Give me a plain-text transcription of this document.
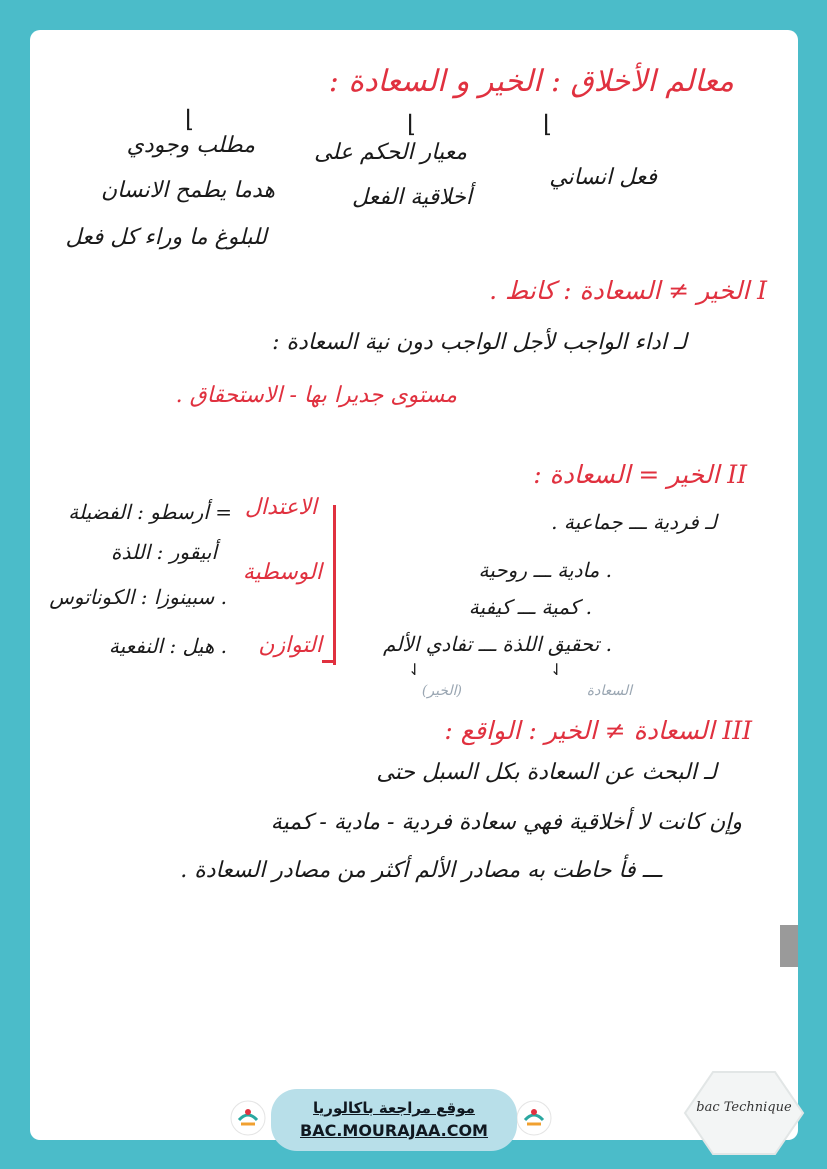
معالم الأخلاق : الخير و السعادة :
⌊
⌊
⌊
فعل انساني
معيار الحكم على
أخلاقية الفعل
مطلب وجودي
هدما يطمح الانسان
للبلوغ ما وراء كل فعل
I الخير ≠ السعادة : كانط .
لـ اداء الواجب لأجل الواجب دون نية السعادة :
مستوى جديرا بها - الاستحقاق .
II الخير = السعادة :
لـ فردية ـــ جماعية .
. مادية ـــ روحية
. كمية ـــ كيفية
. تحقيق اللذة ـــ تفادي الألم
الاعتدال
الوسطية
التوازن
= أرسطو : الفضيلة
أبيقور : اللذة
. سبينوزا : الكوناتوس
. هيل : النفعية
⇃	⇃
(الخير)	السعادة
III السعادة ≠ الخير : الواقع :
لـ البحث عن السعادة بكل السبل حتى
وإن كانت لا أخلاقية فهي سعادة فردية - مادية - كمية
ـــ فأ حاطت به مصادر الألم أكثر من مصادر السعادة .
موقع مراجعة باكالوريا
BAC.MOURAJAA.COM
bac Technique
